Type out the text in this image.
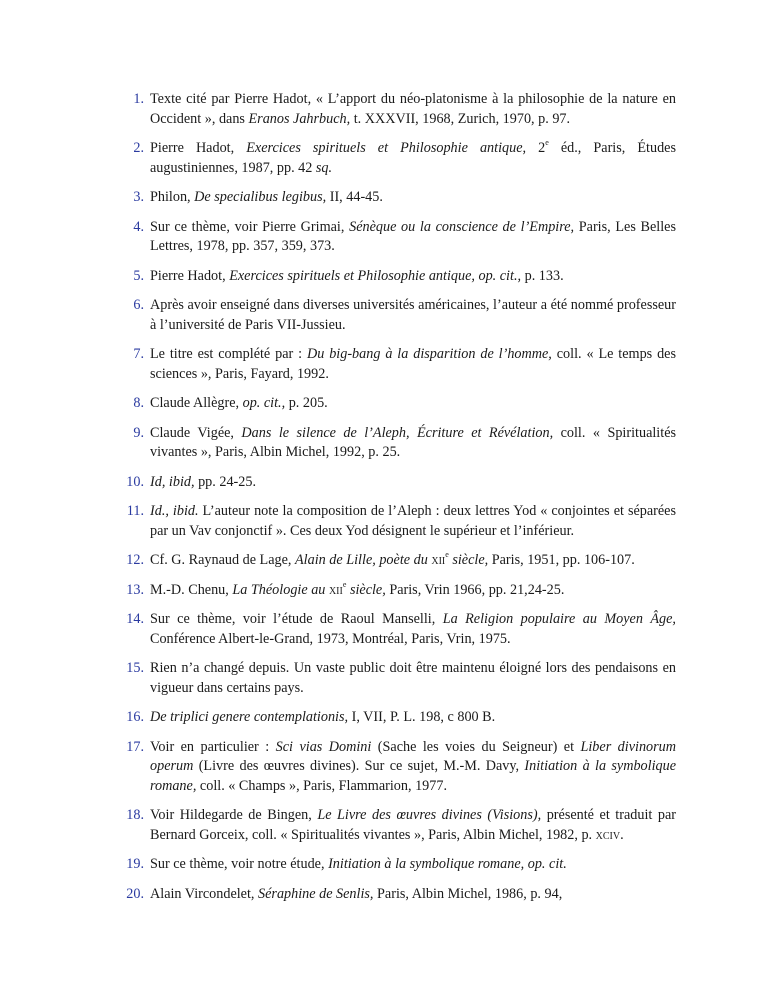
1. Texte cité par Pierre Hadot, « L’apport du néo-platonisme à la philosophie de la nature en Occident », dans Eranos Jahrbuch, t. XXXVII, 1968, Zurich, 1970, p. 97.
2. Pierre Hadot, Exercices spirituels et Philosophie antique, 2e éd., Paris, Études augustiniennes, 1987, pp. 42 sq.
3. Philon, De specialibus legibus, II, 44-45.
4. Sur ce thème, voir Pierre Grimai, Sénèque ou la conscience de l’Empire, Paris, Les Belles Lettres, 1978, pp. 357, 359, 373.
5. Pierre Hadot, Exercices spirituels et Philosophie antique, op. cit., p. 133.
6. Après avoir enseigné dans diverses universités américaines, l’auteur a été nommé professeur à l’université de Paris VII-Jussieu.
7. Le titre est complété par : Du big-bang à la disparition de l’homme, coll. « Le temps des sciences », Paris, Fayard, 1992.
8. Claude Allègre, op. cit., p. 205.
9. Claude Vigée, Dans le silence de l’Aleph, Écriture et Révélation, coll. « Spiritualités vivantes », Paris, Albin Michel, 1992, p. 25.
10. Id, ibid, pp. 24-25.
11. Id., ibid. L’auteur note la composition de l’Aleph : deux lettres Yod « conjointes et séparées par un Vav conjonctif ». Ces deux Yod désignent le supérieur et l’inférieur.
12. Cf. G. Raynaud de Lage, Alain de Lille, poète du xii$^e$ siècle, Paris, 1951, pp. 106-107.
13. M.-D. Chenu, La Théologie au xii$^e$ siècle, Paris, Vrin 1966, pp. 21,24-25.
14. Sur ce thème, voir l’étude de Raoul Manselli, La Religion populaire au Moyen Âge, Conférence Albert-le-Grand, 1973, Montréal, Paris, Vrin, 1975.
15. Rien n’a changé depuis. Un vaste public doit être maintenu éloigné lors des pendaisons en vigueur dans certains pays.
16. De triplici genere contemplationis, I, VII, P. L. 198, c 800 B.
17. Voir en particulier : Sci vias Domini (Sache les voies du Seigneur) et Liber divinorum operum (Livre des œuvres divines). Sur ce sujet, M.-M. Davy, Initiation à la symbolique romane, coll. « Champs », Paris, Flammarion, 1977.
18. Voir Hildegarde de Bingen, Le Livre des œuvres divines (Visions), présenté et traduit par Bernard Gorceix, coll. « Spiritualités vivantes », Paris, Albin Michel, 1982, p. xciv.
19. Sur ce thème, voir notre étude, Initiation à la symbolique romane, op. cit.
20. Alain Vircondelet, Séraphine de Senlis, Paris, Albin Michel, 1986, p. 94,
